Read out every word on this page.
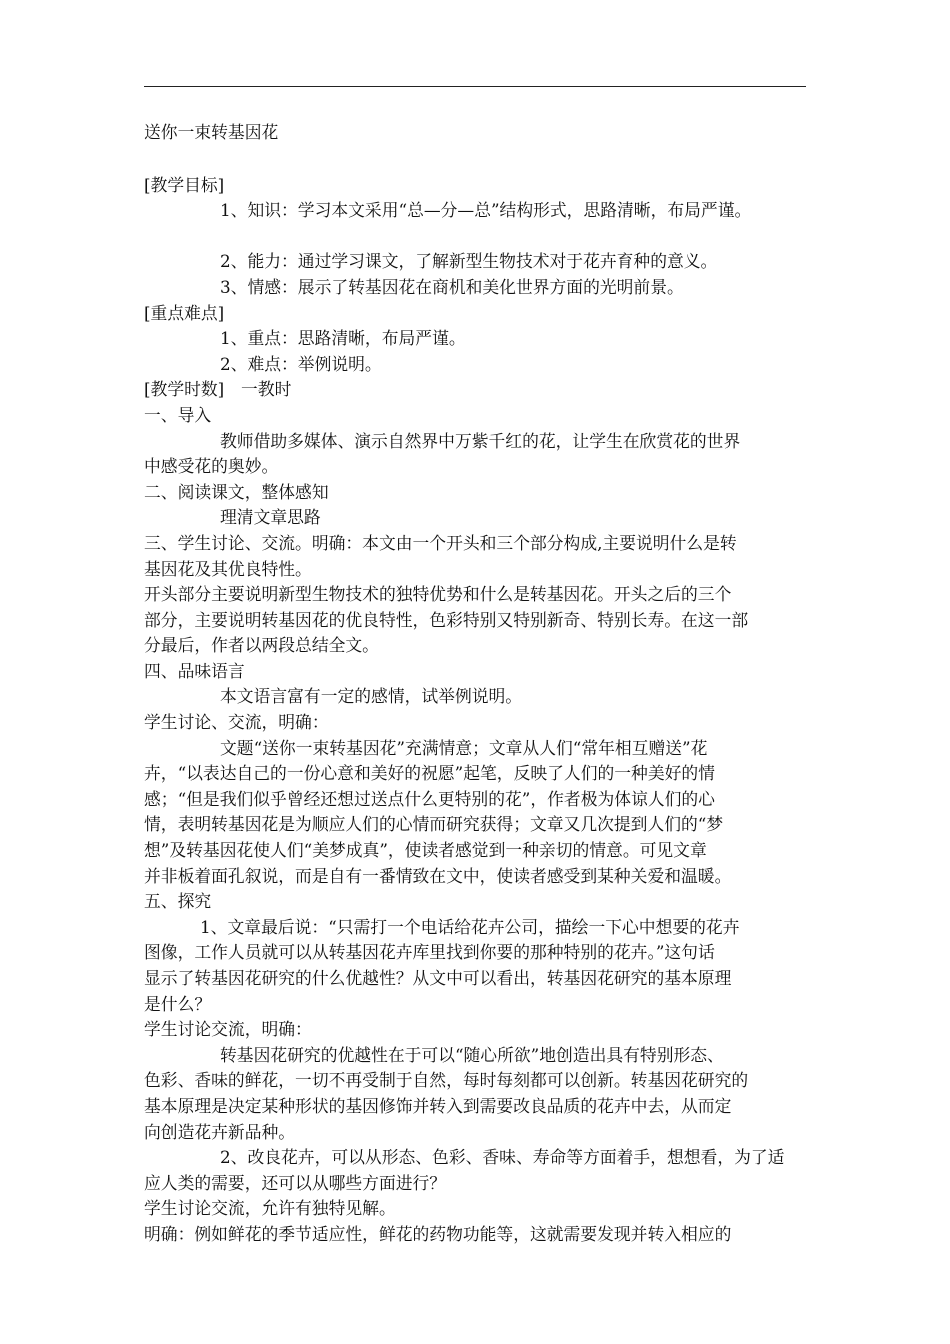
送你一束转基因花
[教学目标]
1、知识：学习本文采用“总—分—总”结构形式，思路清晰，布局严谨。
2、能力：通过学习课文，了解新型生物技术对于花卉育种的意义。
3、情感：展示了转基因花在商机和美化世界方面的光明前景。
[重点难点]
1、重点：思路清晰，布局严谨。
2、难点：举例说明。
[教学时数]　一教时
一、导入
教师借助多媒体、演示自然界中万紫千红的花，让学生在欣赏花的世界
中感受花的奥妙。
二、阅读课文，整体感知
理清文章思路
三、学生讨论、交流。明确：本文由一个开头和三个部分构成,主要说明什么是转
基因花及其优良特性。
开头部分主要说明新型生物技术的独特优势和什么是转基因花。开头之后的三个
部分，主要说明转基因花的优良特性，色彩特别又特别新奇、特别长寿。在这一部
分最后，作者以两段总结全文。
四、品味语言
本文语言富有一定的感情，试举例说明。
学生讨论、交流，明确：
文题“送你一束转基因花”充满情意；文章从人们“常年相互赠送”花
卉，“以表达自己的一份心意和美好的祝愿”起笔，反映了人们的一种美好的情
感；“但是我们似乎曾经还想过送点什么更特别的花”，作者极为体谅人们的心
情，表明转基因花是为顺应人们的心情而研究获得；文章又几次提到人们的“梦
想”及转基因花使人们“美梦成真”，使读者感觉到一种亲切的情意。可见文章
并非板着面孔叙说，而是自有一番情致在文中，使读者感受到某种关爱和温暖。
五、探究
1、文章最后说：“只需打一个电话给花卉公司，描绘一下心中想要的花卉
图像，工作人员就可以从转基因花卉库里找到你要的那种特别的花卉。”这句话
显示了转基因花研究的什么优越性？从文中可以看出，转基因花研究的基本原理
是什么？
学生讨论交流，明确：
转基因花研究的优越性在于可以“随心所欲”地创造出具有特别形态、
色彩、香味的鲜花，一切不再受制于自然，每时每刻都可以创新。转基因花研究的
基本原理是决定某种形状的基因修饰并转入到需要改良品质的花卉中去，从而定
向创造花卉新品种。
2、改良花卉，可以从形态、色彩、香味、寿命等方面着手，想想看，为了适
应人类的需要，还可以从哪些方面进行？
学生讨论交流，允许有独特见解。
明确：例如鲜花的季节适应性，鲜花的药物功能等，这就需要发现并转入相应的
